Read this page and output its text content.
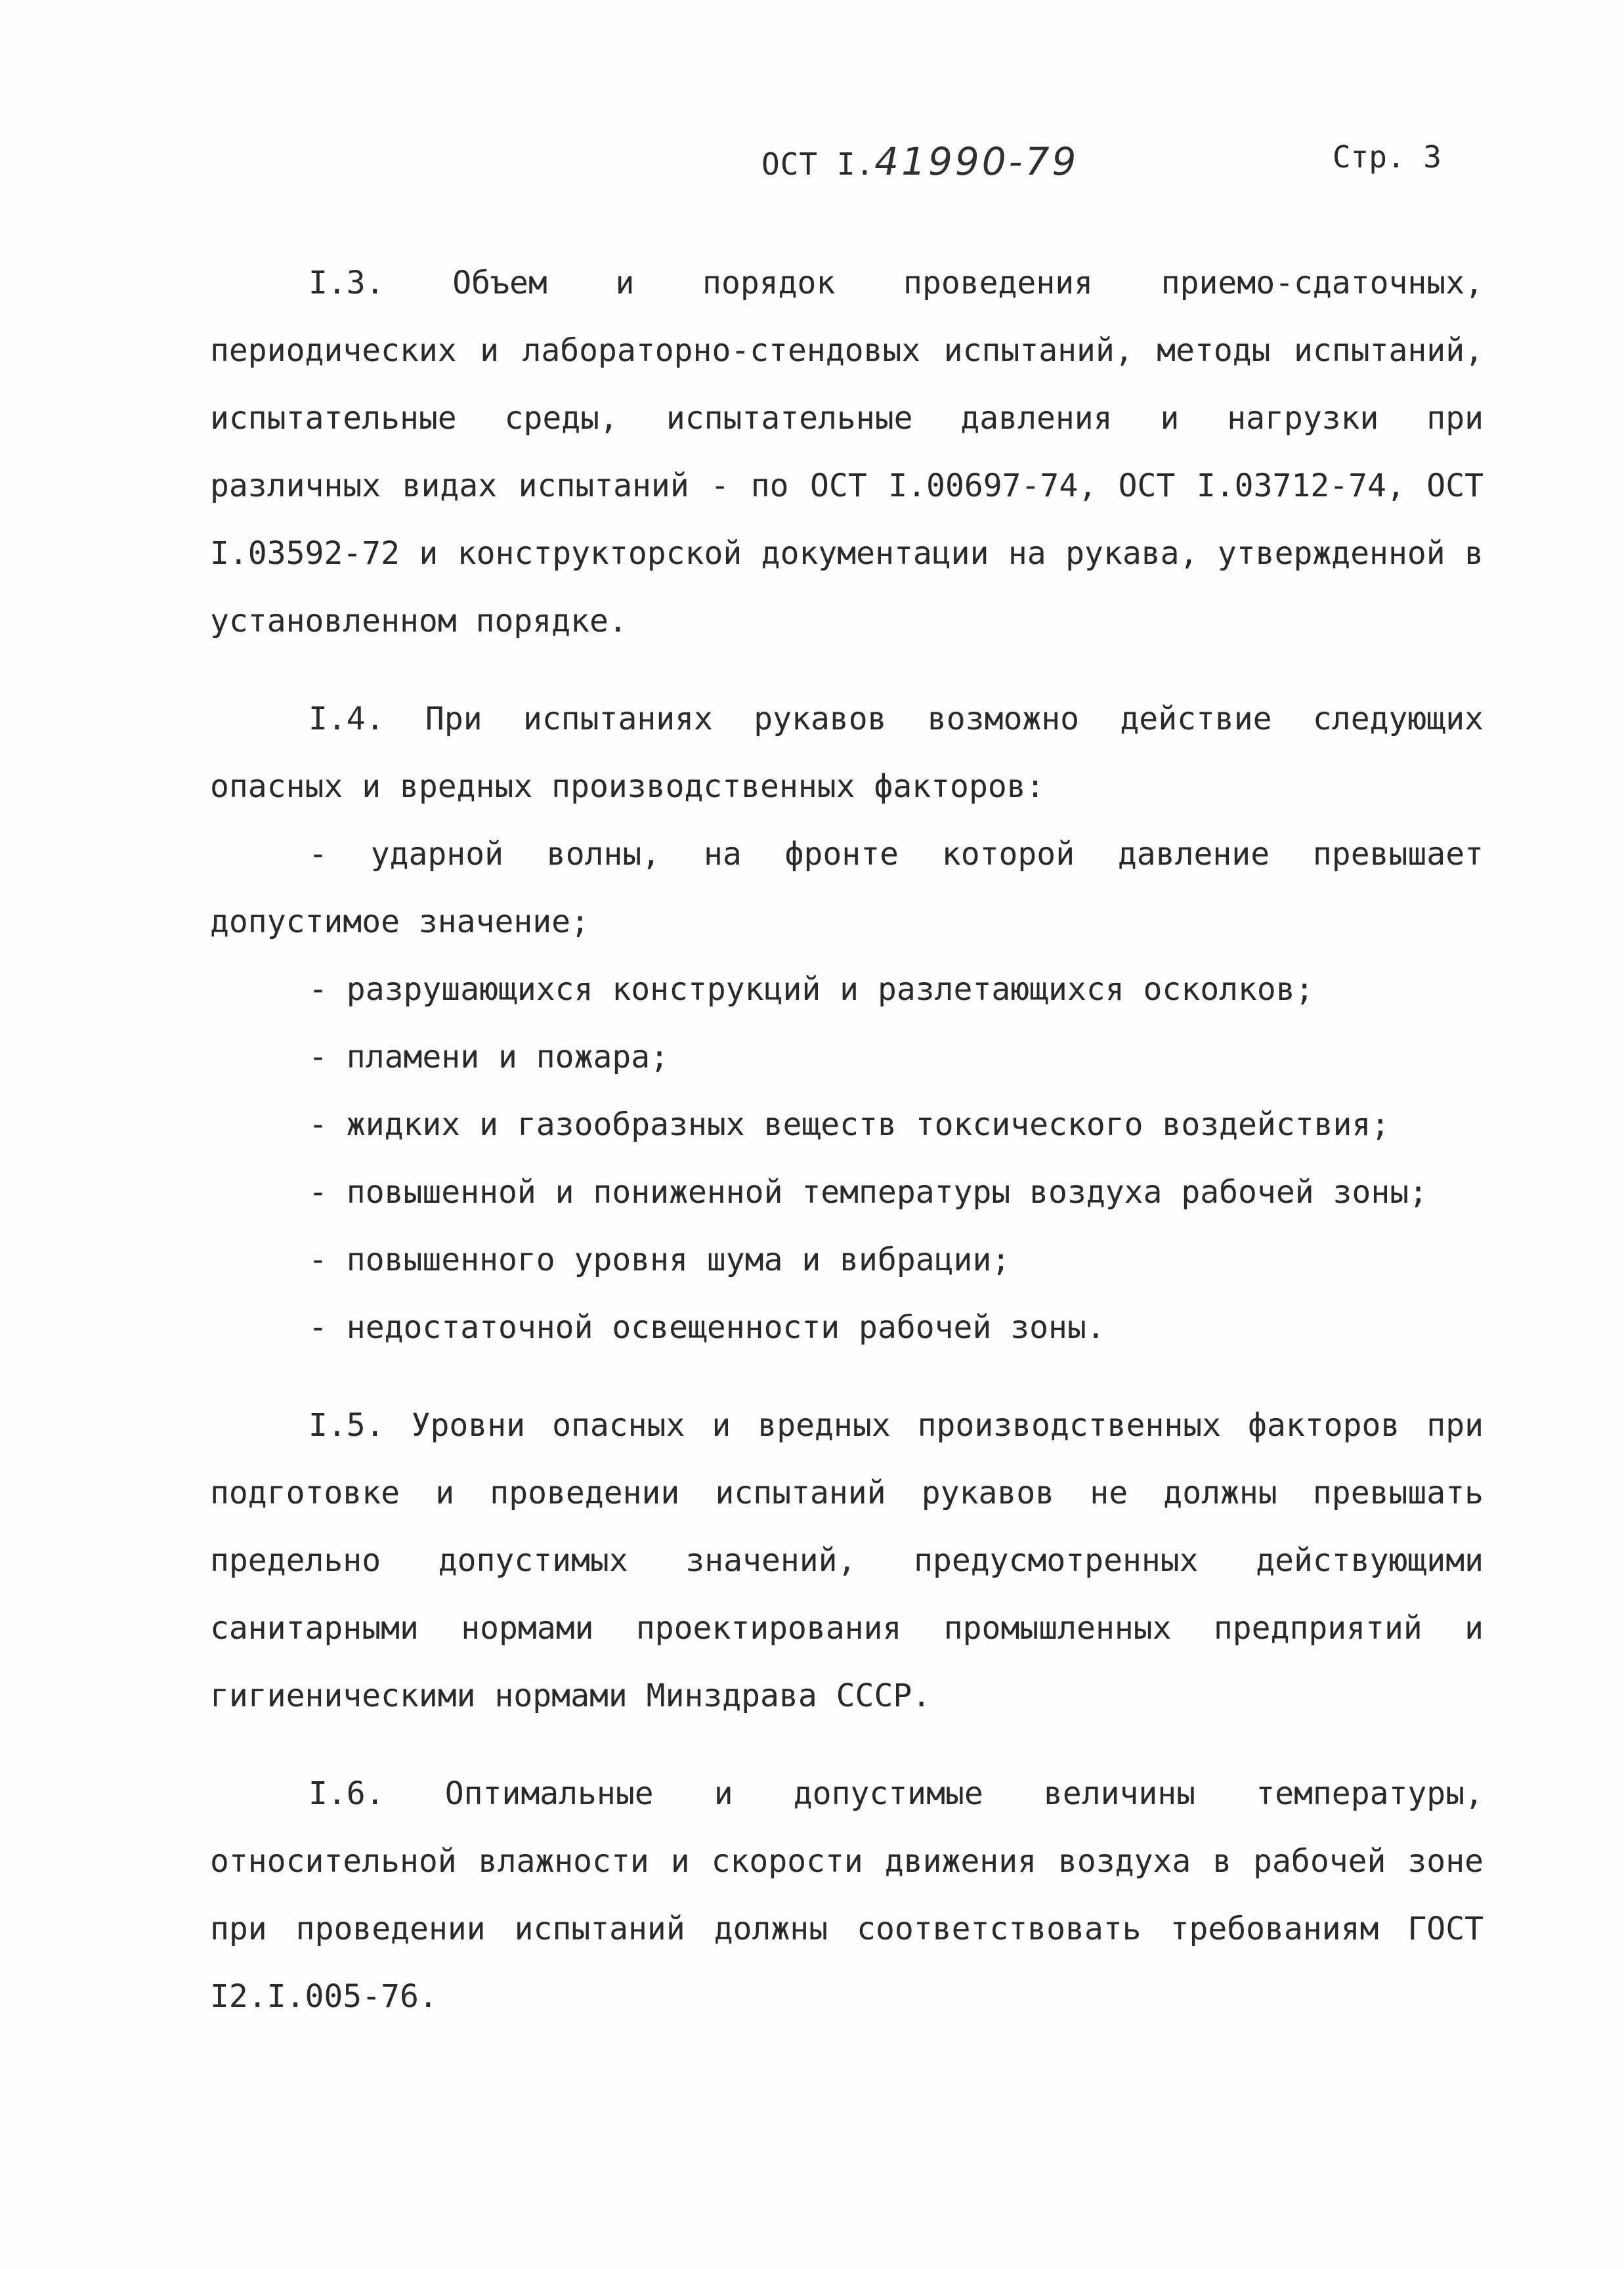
ОСТ I.41990-79	Стр. 3

I.3. Объем и порядок проведения приемо-сдаточных, периодических и лабораторно-стендовых испытаний, методы испытаний, испытательные среды, испытательные давления и нагрузки при различных видах испытаний - по ОСТ I.00697-74, ОСТ I.03712-74, ОСТ I.03592-72 и конструкторской документации на рукава, утвержденной в установленном порядке.

I.4. При испытаниях рукавов возможно действие следующих опасных и вредных производственных факторов:

- ударной волны, на фронте которой давление превышает допустимое значение;
- разрушающихся конструкций и разлетающихся осколков;
- пламени и пожара;
- жидких и газообразных веществ токсического воздействия;
- повышенной и пониженной температуры воздуха рабочей зоны;
- повышенного уровня шума и вибрации;
- недостаточной освещенности рабочей зоны.

I.5. Уровни опасных и вредных производственных факторов при подготовке и проведении испытаний рукавов не должны превышать предельно допустимых значений, предусмотренных действующими санитарными нормами проектирования промышленных предприятий и гигиеническими нормами Минздрава СССР.

I.6. Оптимальные и допустимые величины температуры, относительной влажности и скорости движения воздуха в рабочей зоне при проведении испытаний должны соответствовать требованиям ГОСТ I2.I.005-76.
